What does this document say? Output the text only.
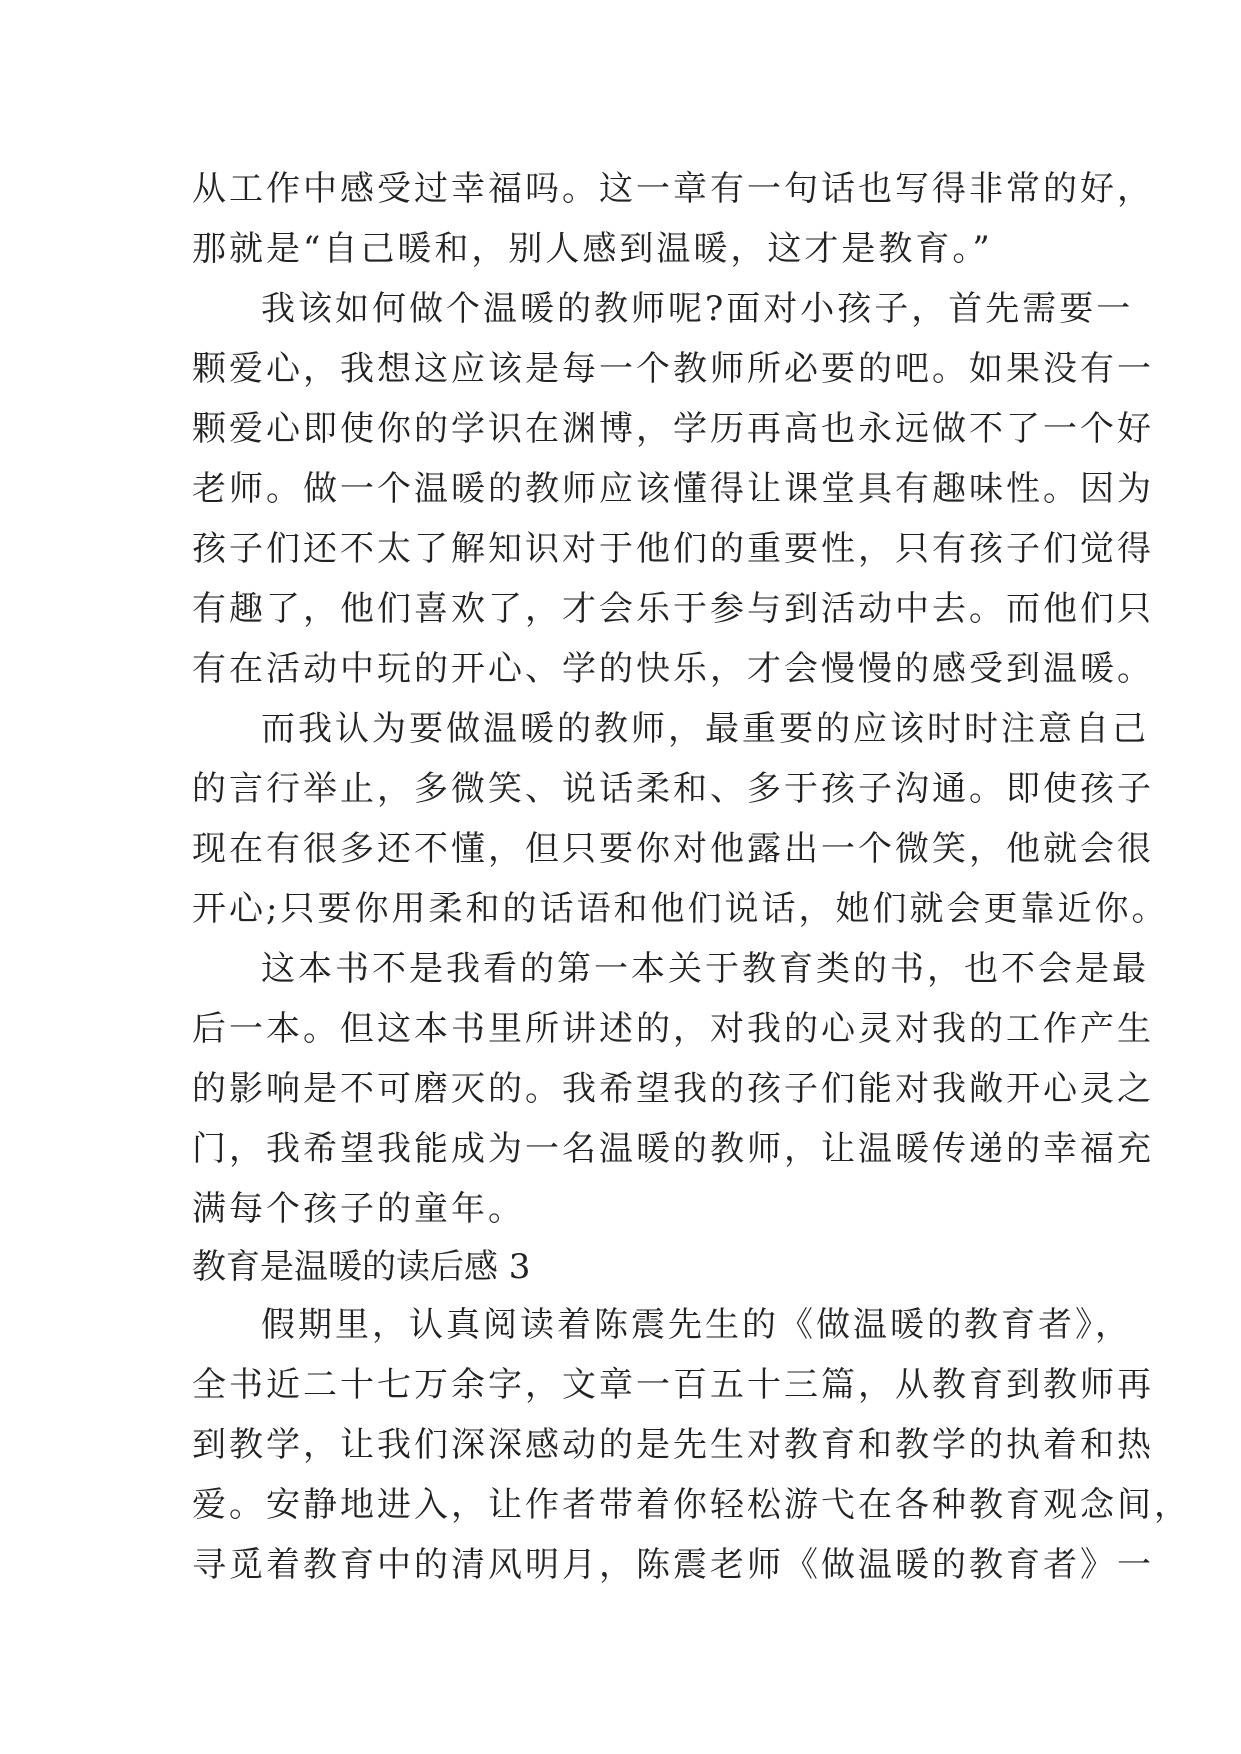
从工作中感受过幸福吗。这一章有一句话也写得非常的好，
那就是“自己暖和，别人感到温暖，这才是教育。”
我该如何做个温暖的教师呢?面对小孩子，首先需要一
颗爱心，我想这应该是每一个教师所必要的吧。如果没有一
颗爱心即使你的学识在渊博，学历再高也永远做不了一个好
老师。做一个温暖的教师应该懂得让课堂具有趣味性。因为
孩子们还不太了解知识对于他们的重要性，只有孩子们觉得
有趣了，他们喜欢了，才会乐于参与到活动中去。而他们只
有在活动中玩的开心、学的快乐，才会慢慢的感受到温暖。
而我认为要做温暖的教师，最重要的应该时时注意自己
的言行举止，多微笑、说话柔和、多于孩子沟通。即使孩子
现在有很多还不懂，但只要你对他露出一个微笑，他就会很
开心;只要你用柔和的话语和他们说话，她们就会更靠近你。
这本书不是我看的第一本关于教育类的书，也不会是最
后一本。但这本书里所讲述的，对我的心灵对我的工作产生
的影响是不可磨灭的。我希望我的孩子们能对我敞开心灵之
门，我希望我能成为一名温暖的教师，让温暖传递的幸福充
满每个孩子的童年。
教育是温暖的读后感 3
假期里，认真阅读着陈震先生的《做温暖的教育者》，
全书近二十七万余字，文章一百五十三篇，从教育到教师再
到教学，让我们深深感动的是先生对教育和教学的执着和热
爱。安静地进入，让作者带着你轻松游弋在各种教育观念间，
寻觅着教育中的清风明月，陈震老师《做温暖的教育者》一
